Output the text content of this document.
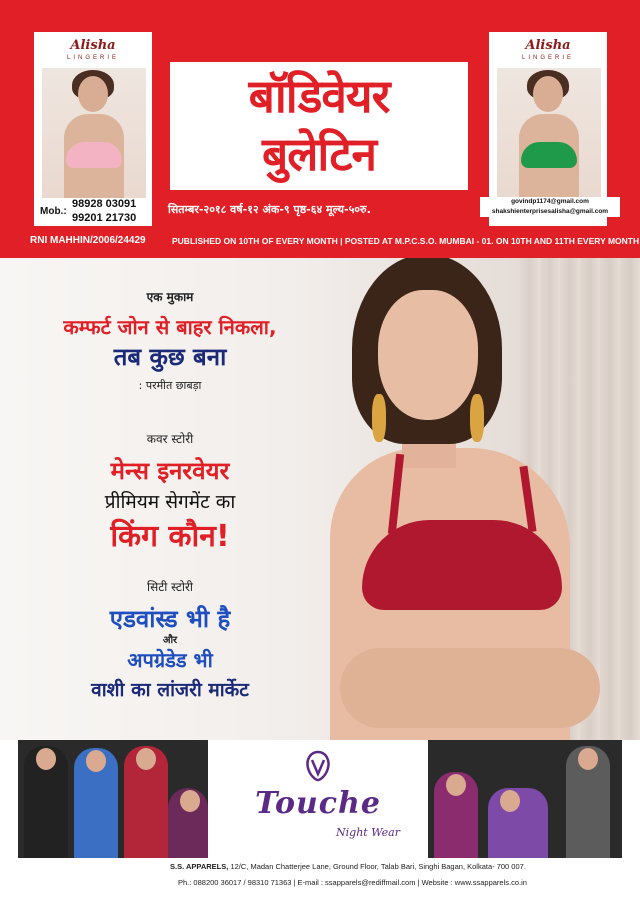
Alisha
LINGERIE
Mob.:
98928 03091
99201 21730
Alisha
LINGERIE
govindp1174@gmail.com
shakshienterprisesalisha@gmail.com
बॉडिवेयर
बुलेटिन
सितम्बर-२०१८ वर्ष-१२ अंक-९ पृष्ठ-६४ मूल्य-५०रु.
RNI MAHHIN/2006/24429	PUBLISHED ON 10TH OF EVERY MONTH | POSTED AT M.P.C.S.O. MUMBAI - 01. ON 10TH AND 11TH EVERY MONTH
एक मुकाम
कम्फर्ट जोन से बाहर निकला,
तब कुछ बना
: परमीत छाबड़ा
कवर स्टोरी
मेन्स इनरवेयर
प्रीमियम सेगमेंट का
किंग कौन!
सिटी स्टोरी
एडवांस्ड भी है
और
अपग्रेडेड भी
वाशी का लांजरी मार्केट
Touche
Night Wear
S.S. APPARELS, 12/C, Madan Chatterjee Lane, Ground Floor, Talab Bari, Singhi Bagan, Kolkata- 700 007.
Ph.: 088200 36017 / 98310 71363 | E-mail : ssapparels@rediffmail.com | Website : www.ssapparels.co.in
